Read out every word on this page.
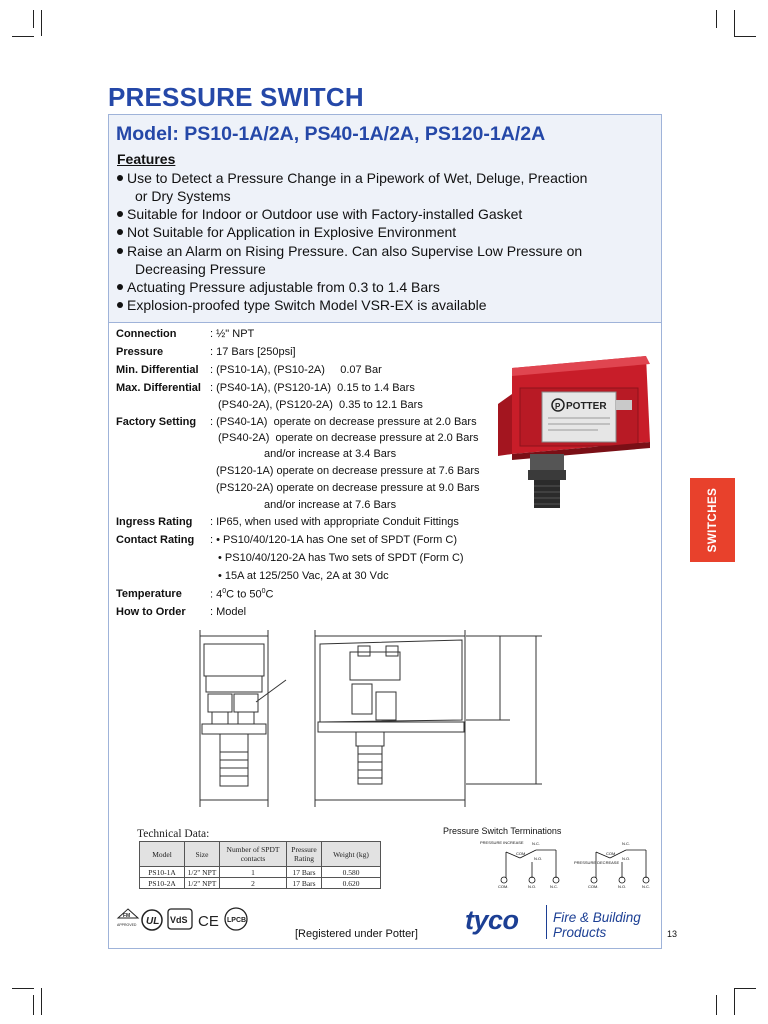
PRESSURE SWITCH
Model: PS10-1A/2A, PS40-1A/2A, PS120-1A/2A
Features
Use to Detect a Pressure Change in a Pipework of Wet, Deluge, Preaction
or Dry Systems
Suitable for Indoor or Outdoor use with Factory-installed Gasket
Not Suitable for Application in Explosive Environment
Raise an Alarm on Rising Pressure. Can also Supervise Low Pressure on
Decreasing Pressure
Actuating Pressure adjustable from 0.3 to 1.4 Bars
Explosion-proofed type Switch Model VSR-EX is available
Connection	: ½" NPT
Pressure	: 17 Bars [250psi]
Min. Differential : (PS10-1A), (PS10-2A)     0.07 Bar
Max. Differential : (PS40-1A), (PS120-1A)  0.15 to 1.4 Bars
(PS40-2A), (PS120-2A)  0.35 to 12.1 Bars
Factory Setting : (PS40-1A)  operate on decrease pressure at 2.0 Bars
(PS40-2A)  operate on decrease pressure at 2.0 Bars
and/or increase at 3.4 Bars
(PS120-1A) operate on decrease pressure at 7.6 Bars
(PS120-2A) operate on decrease pressure at 9.0 Bars
and/or increase at 7.6 Bars
Ingress Rating : IP65, when used with appropriate Conduit Fittings
Contact Rating : • PS10/40/120-1A has One set of SPDT (Form C)
• PS10/40/120-2A has Two sets of SPDT (Form C)
• 15A at 125/250 Vac, 2A at 30 Vdc
Temperature	: $4^0C$ to $50^0C$
How to Order : Model
P POTTER
SWITCHES
Technical Data:
Model	Size	Number of SPDT contacts	Pressure Rating	Weight (kg)
PS10-1A	1/2" NPT	1	17 Bars	0.580
PS10-2A	1/2" NPT	2	17 Bars	0.620
Pressure Switch Terminations
PRESSURE INCREASE N.C.
COM
N.O.
COM.	N.O.	N.C.
PRESSURE DECREASE
N.C.
COM
N.O.
COM.	N.O.	N.C.
FM
APPROVED UL VdS CE LPCB
[Registered under Potter] tyco	Fire & Building
Products	13
